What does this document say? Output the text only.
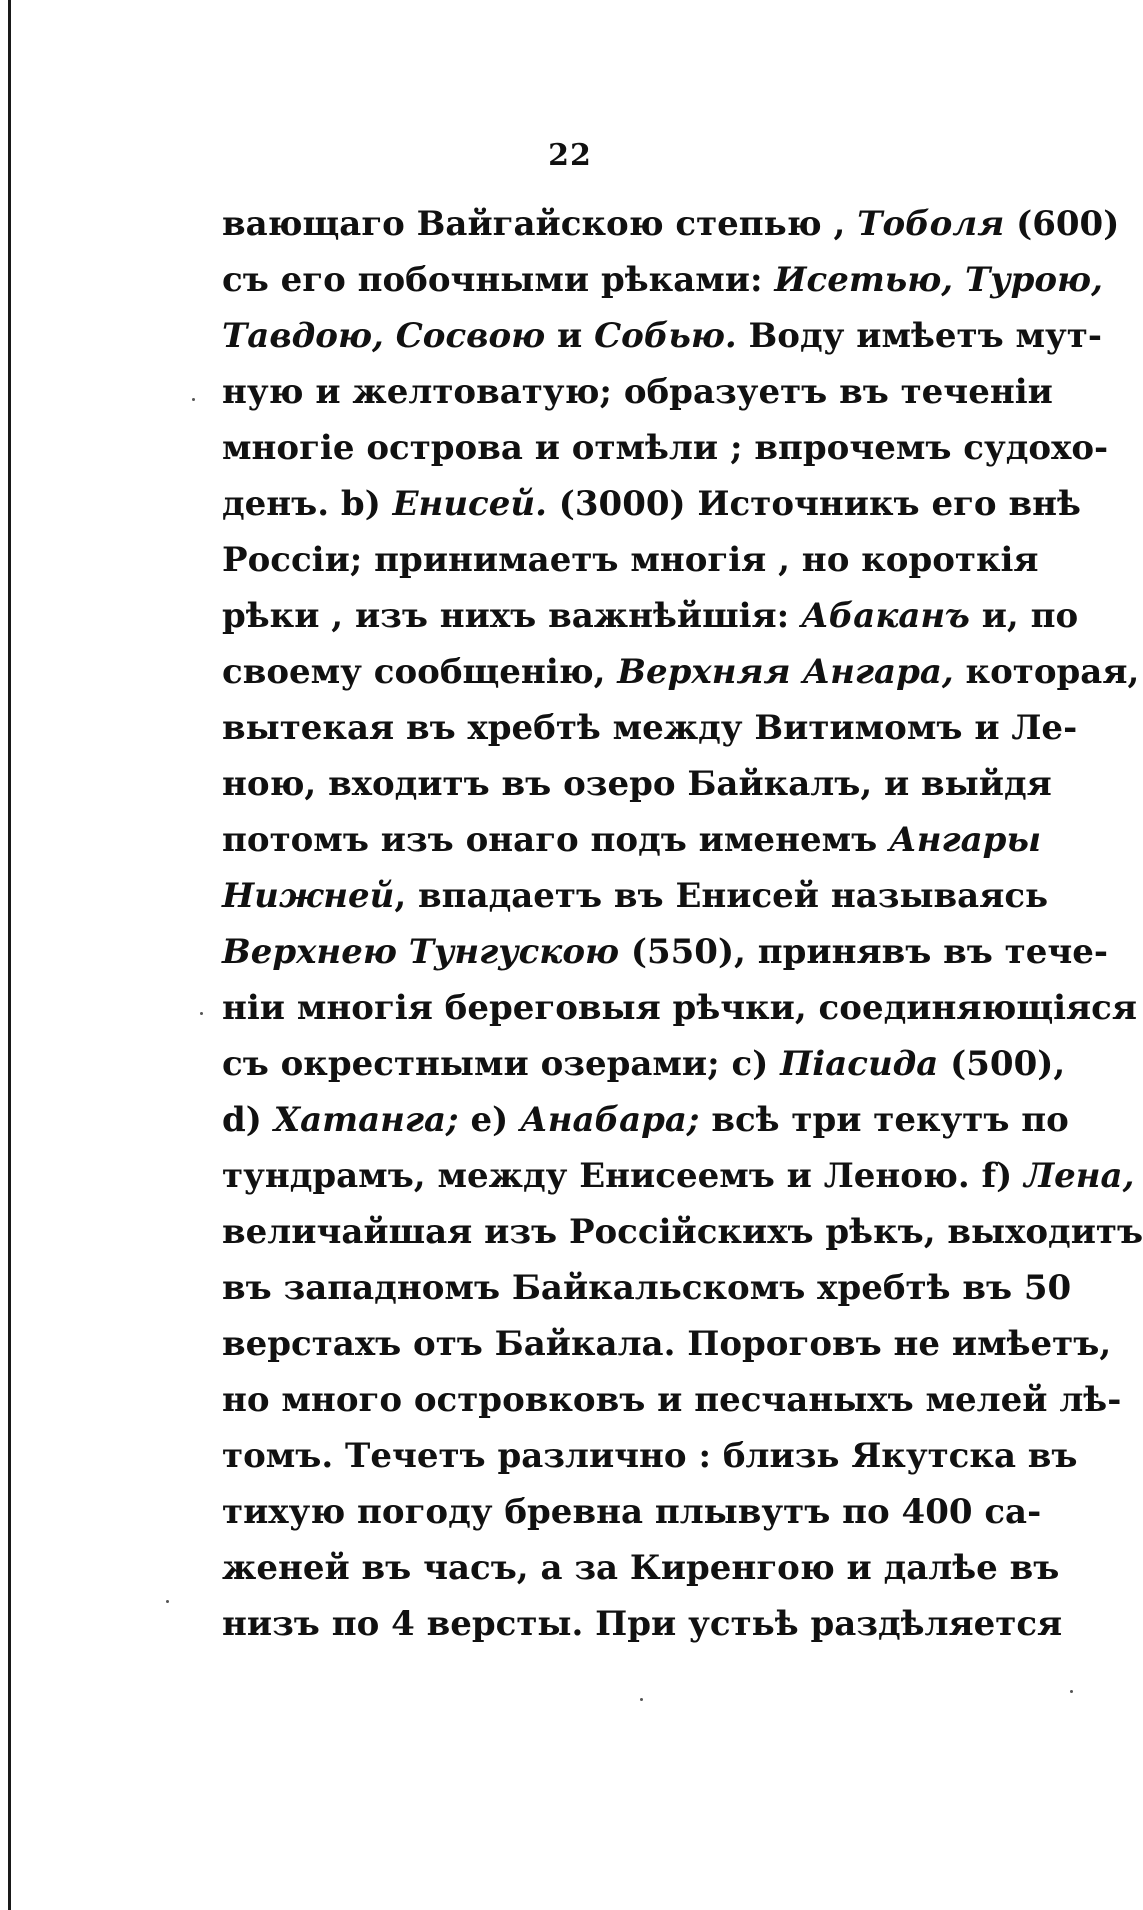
22
вающаго Вайгайскою степью , Тоболя (600)
съ его побочными рѣками: Исетью, Турою,
Тавдою, Сосвою и Собью. Воду имѣетъ мут-
ную и желтоватую; образуетъ въ теченіи
многіе острова и отмѣли ; впрочемъ судохо-
денъ. b) Енисей. (3000) Источникъ его внѣ
Россіи; принимаетъ многія , но короткія
рѣки , изъ нихъ важнѣйшія: Абаканъ и, по
своему сообщенію, Верхняя Ангара, которая,
вытекая въ хребтѣ между Витимомъ и Ле-
ною, входитъ въ озеро Байкалъ, и выйдя
потомъ изъ онаго подъ именемъ Ангары
Нижней, впадаетъ въ Енисей называясь
Верхнею Тунгускою (550), принявъ въ тече-
ніи многія береговыя рѣчки, соединяющіяся
съ окрестными озерами; c) Піасида (500),
d) Хатанга; e) Анабара; всѣ три текутъ по
тундрамъ, между Енисеемъ и Леною. f) Лена,
величайшая изъ Россійскихъ рѣкъ, выходитъ
въ западномъ Байкальскомъ хребтѣ въ 50
верстахъ отъ Байкала. Пороговъ не имѣетъ,
но много островковъ и песчаныхъ мелей лѣ-
томъ. Течетъ различно : близь Якутска въ
тихую погоду бревна плывутъ по 400 са-
женей въ часъ, а за Киренгою и далѣе въ
низъ по 4 версты. При устьѣ раздѣляется
